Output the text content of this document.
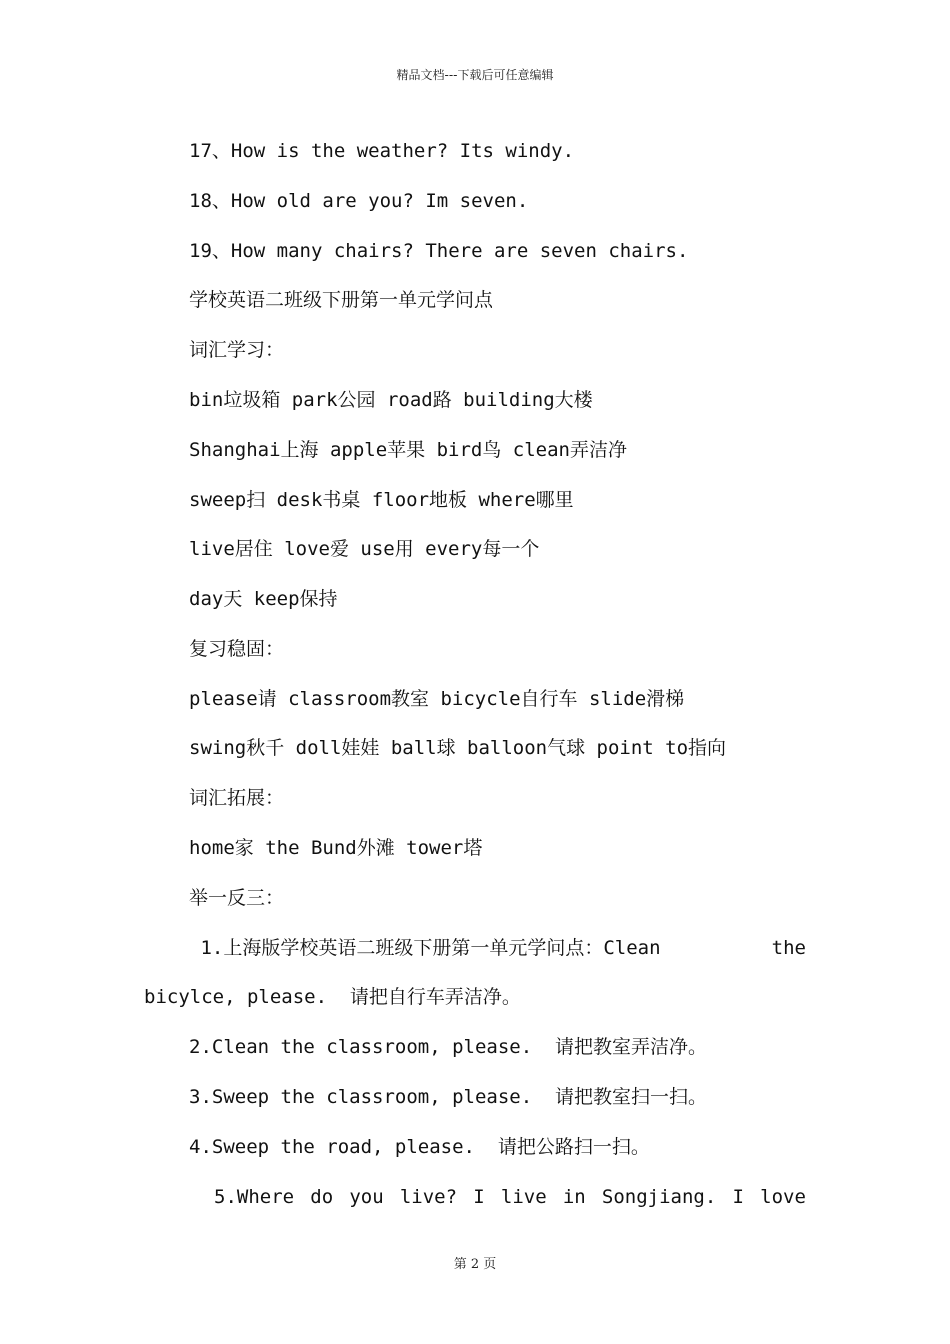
精品文档---下载后可任意编辑
17、How is the weather? Its windy.
18、How old are you? Im seven.
19、How many chairs? There are seven chairs.
学校英语二班级下册第一单元学问点
词汇学习：
bin垃圾箱 park公园 road路 building大楼
Shanghai上海 apple苹果 bird鸟 clean弄洁净
sweep扫 desk书桌 floor地板 where哪里
live居住 love爱 use用 every每一个
day天 keep保持
复习稳固：
please请 classroom教室 bicycle自行车 slide滑梯
swing秋千 doll娃娃 ball球 balloon气球 point to指向
词汇拓展：
home家 the Bund外滩 tower塔
举一反三：
1.上海版学校英语二班级下册第一单元学问点：Clean	the
bicylce, please.  请把自行车弄洁净。
2.Clean the classroom, please.  请把教室弄洁净。
3.Sweep the classroom, please.  请把教室扫一扫。
4.Sweep the road, please.  请把公路扫一扫。
5.Where do you live? I live in Songjiang. I love
第 2 页
